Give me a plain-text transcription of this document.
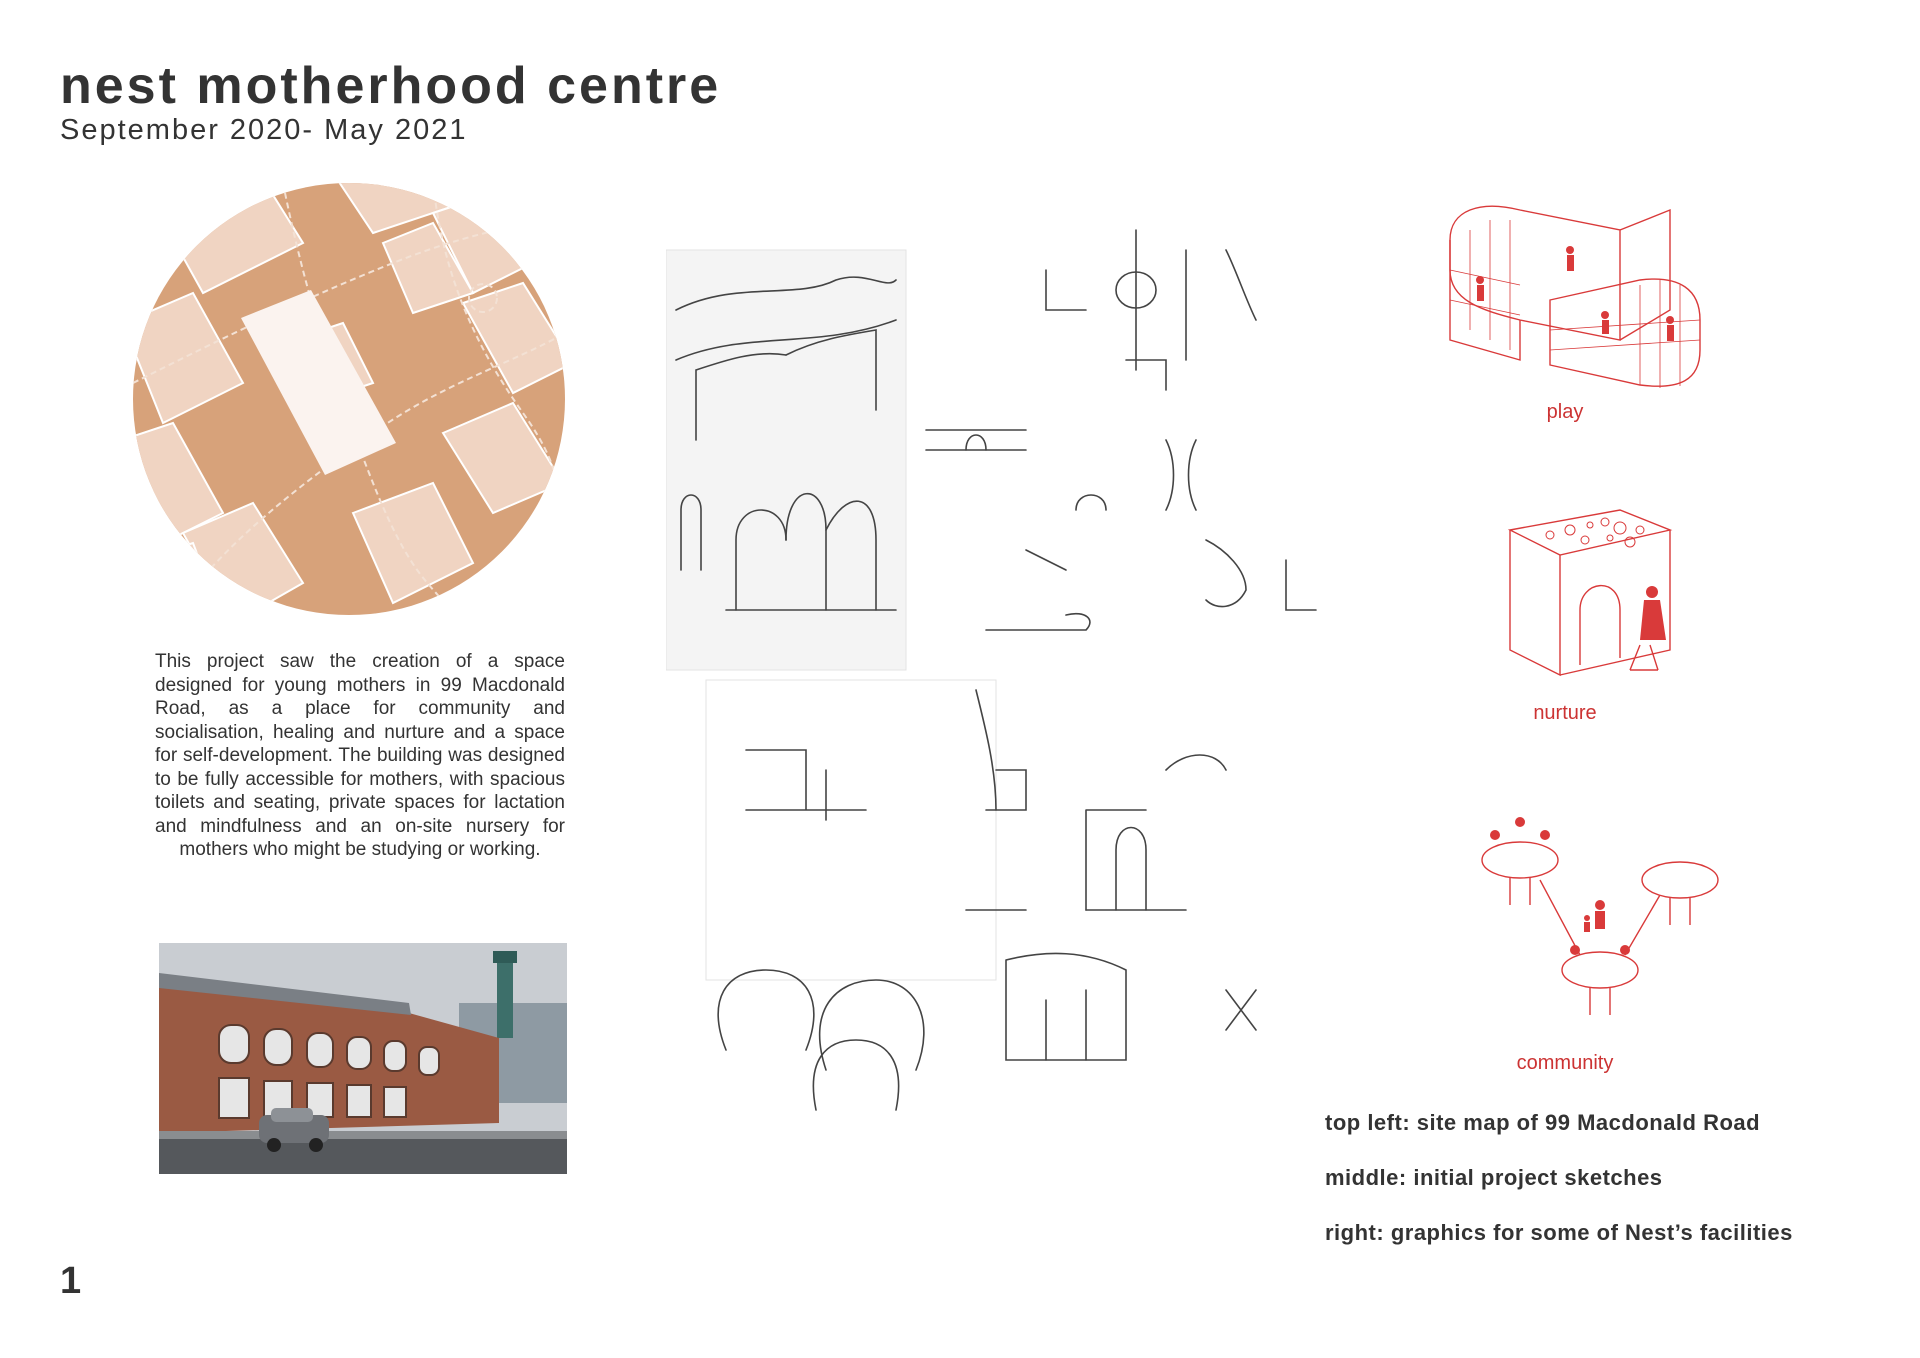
nest motherhood centre

September 2020- May 2021

This project saw the creation of a space designed for young mothers in 99 Macdonald Road, as a place for community and socialisation, healing and nurture and a space for self-development. The building was designed to be fully accessible for mothers, with spacious toilets and seating, private spaces for lactation and mindfulness and an on-site nursery for mothers who might be studying or working.

play

nurture

community

top left: site map of 99 Macdonald Road

middle: initial project sketches

right: graphics for some of Nest’s facilities

1
